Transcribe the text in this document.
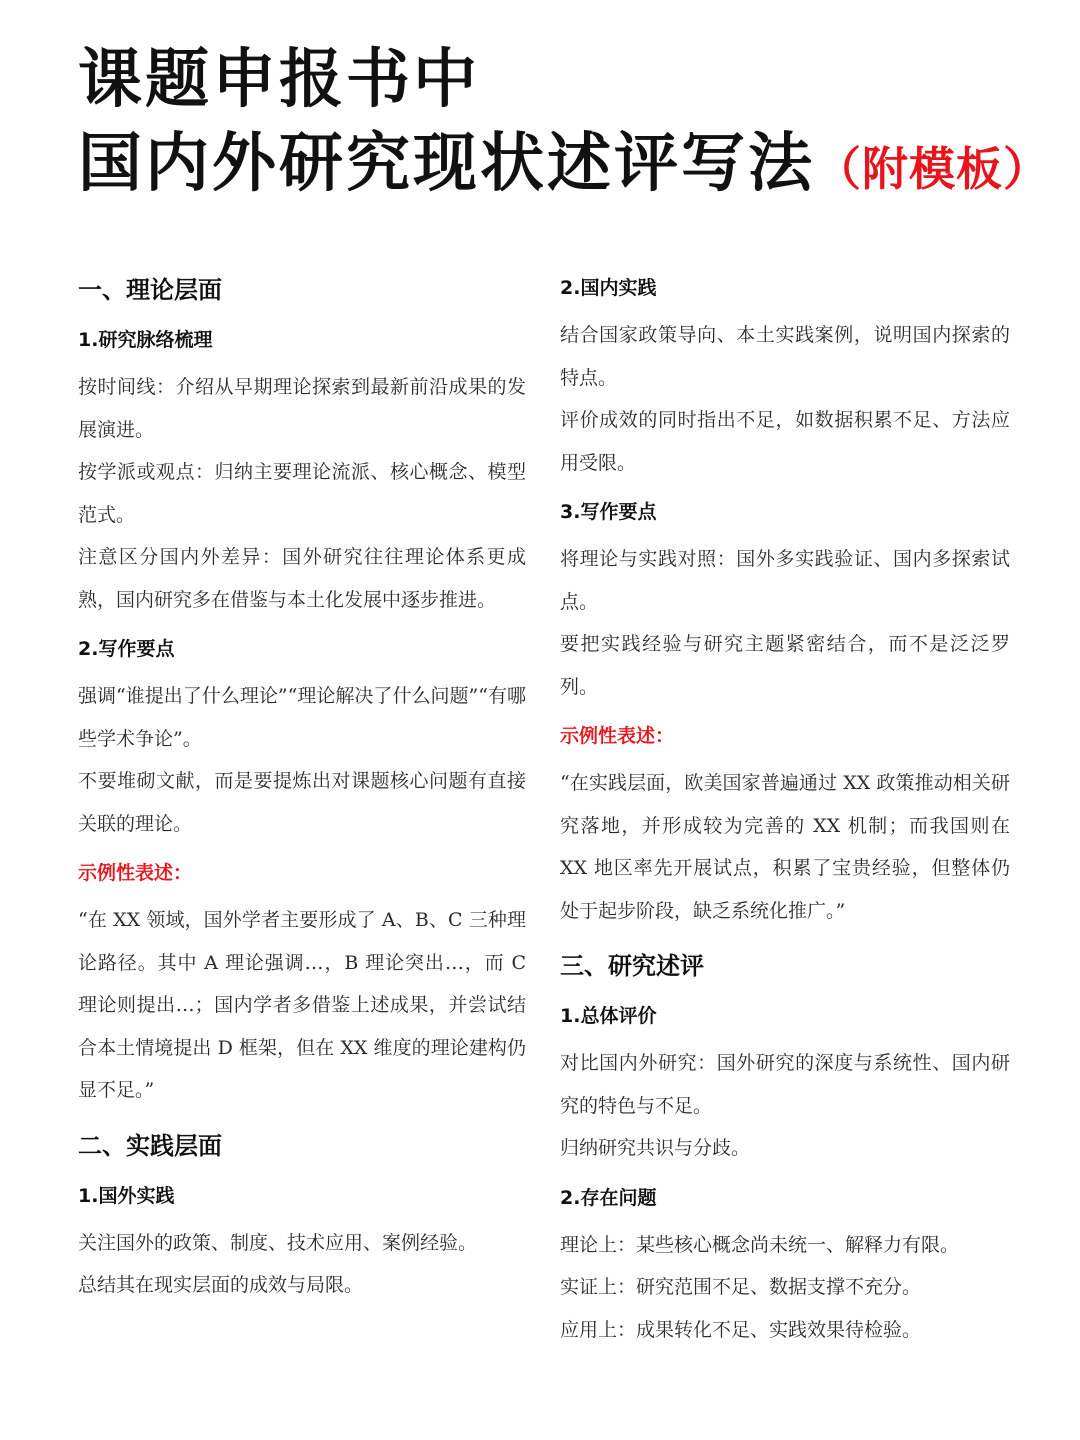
课题申报书中
国内外研究现状述评写法（附模板）
一、理论层面
1.研究脉络梳理

按时间线：介绍从早期理论探索到最新前沿成果的发展演进。

按学派或观点：归纳主要理论流派、核心概念、模型范式。

注意区分国内外差异：国外研究往往理论体系更成熟，国内研究多在借鉴与本土化发展中逐步推进。

2.写作要点

强调“谁提出了什么理论”“理论解决了什么问题”“有哪些学术争论”。

不要堆砌文献，而是要提炼出对课题核心问题有直接关联的理论。

示例性表述：

“在 XX 领域，国外学者主要形成了 A、B、C 三种理论路径。其中 A 理论强调…，B 理论突出…，而 C 理论则提出…；国内学者多借鉴上述成果，并尝试结合本土情境提出 D 框架，但在 XX 维度的理论建构仍显不足。”

二、实践层面
1.国外实践

关注国外的政策、制度、技术应用、案例经验。

总结其在现实层面的成效与局限。

2.国内实践

结合国家政策导向、本土实践案例，说明国内探索的特点。

评价成效的同时指出不足，如数据积累不足、方法应用受限。

3.写作要点

将理论与实践对照：国外多实践验证、国内多探索试点。

要把实践经验与研究主题紧密结合，而不是泛泛罗列。

示例性表述：

“在实践层面，欧美国家普遍通过 XX 政策推动相关研究落地，并形成较为完善的 XX 机制；而我国则在 XX 地区率先开展试点，积累了宝贵经验，但整体仍处于起步阶段，缺乏系统化推广。”

三、研究述评
1.总体评价

对比国内外研究：国外研究的深度与系统性、国内研究的特色与不足。

归纳研究共识与分歧。

2.存在问题

理论上：某些核心概念尚未统一、解释力有限。

实证上：研究范围不足、数据支撑不充分。

应用上：成果转化不足、实践效果待检验。
